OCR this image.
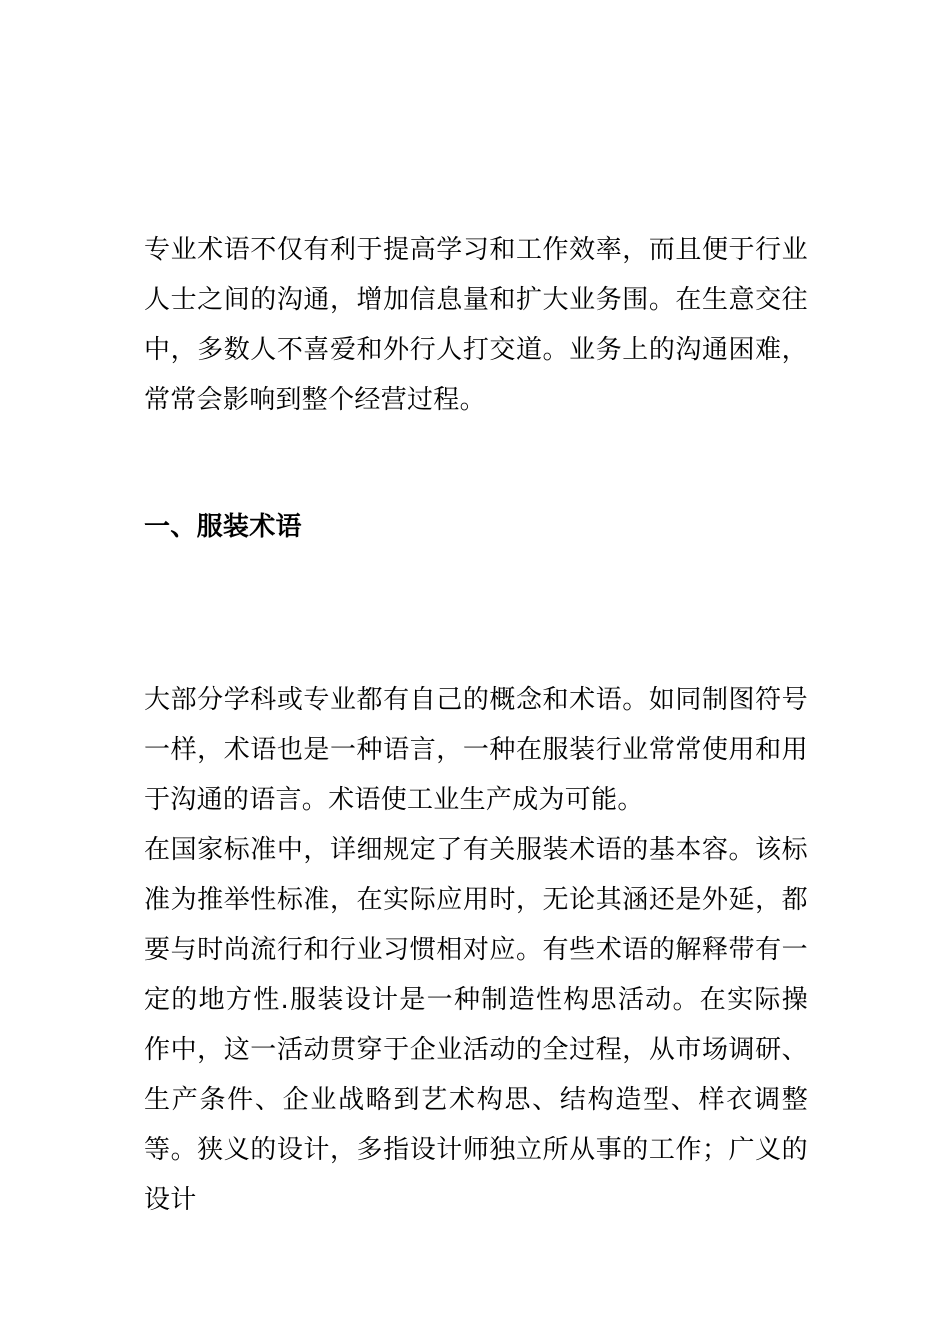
专业术语不仅有利于提高学习和工作效率，而且便于行业人士之间的沟通，增加信息量和扩大业务围。在生意交往中，多数人不喜爱和外行人打交道。业务上的沟通困难，常常会影响到整个经营过程。

一、服装术语

大部分学科或专业都有自己的概念和术语。如同制图符号一样，术语也是一种语言，一种在服装行业常常使用和用于沟通的语言。术语使工业生产成为可能。

在国家标准中，详细规定了有关服装术语的基本容。该标准为推举性标准，在实际应用时，无论其涵还是外延，都要与时尚流行和行业习惯相对应。有些术语的解释带有一定的地方性.服装设计是一种制造性构思活动。在实际操作中，这一活动贯穿于企业活动的全过程，从市场调研、生产条件、企业战略到艺术构思、结构造型、样衣调整等。狭义的设计，多指设计师独立所从事的工作；广义的设计
